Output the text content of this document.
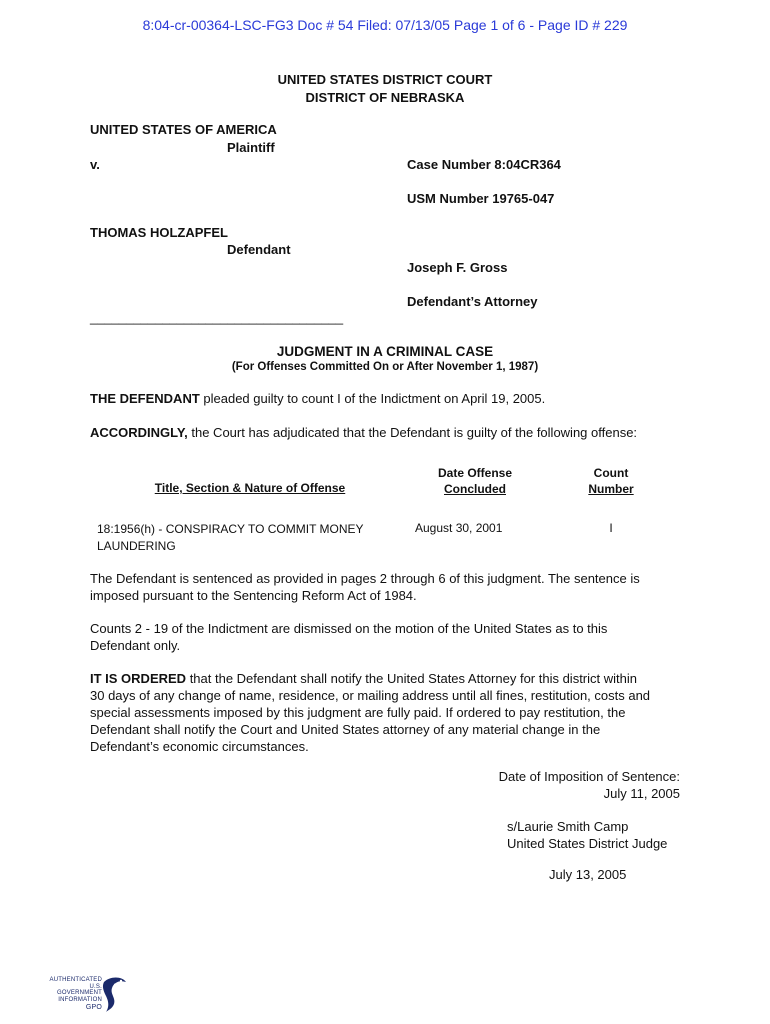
8:04-cr-00364-LSC-FG3 Doc # 54 Filed: 07/13/05 Page 1 of 6 - Page ID # 229
UNITED STATES DISTRICT COURT
DISTRICT OF NEBRASKA
UNITED STATES OF AMERICA
Plaintiff
v.	Case Number 8:04CR364
USM Number 19765-047
THOMAS HOLZAPFEL
Defendant
Joseph F. Gross
Defendant’s Attorney
___________________________________
JUDGMENT IN A CRIMINAL CASE
(For Offenses Committed On or After November 1, 1987)
THE DEFENDANT pleaded guilty to count I of the Indictment on April 19, 2005.
ACCORDINGLY, the Court has adjudicated that the Defendant is guilty of the following offense:
Title, Section & Nature of Offense
Date Offense
Concluded
Count
Number
18:1956(h) - CONSPIRACY TO COMMIT MONEY
LAUNDERING
August 30, 2001	I
The Defendant is sentenced as provided in pages 2 through 6 of this judgment. The sentence is
imposed pursuant to the Sentencing Reform Act of 1984.
Counts 2 - 19 of the Indictment are dismissed on the motion of the United States as to this
Defendant only.
IT IS ORDERED that the Defendant shall notify the United States Attorney for this district within
30 days of any change of name, residence, or mailing address until all fines, restitution, costs and
special assessments imposed by this judgment are fully paid. If ordered to pay restitution, the
Defendant shall notify the Court and United States attorney of any material change in the
Defendant’s economic circumstances.
Date of Imposition of Sentence:
July 11, 2005
s/Laurie Smith Camp
United States District Judge
July 13, 2005
AUTHENTICATED
U.S. GOVERNMENT
INFORMATION
GPO
